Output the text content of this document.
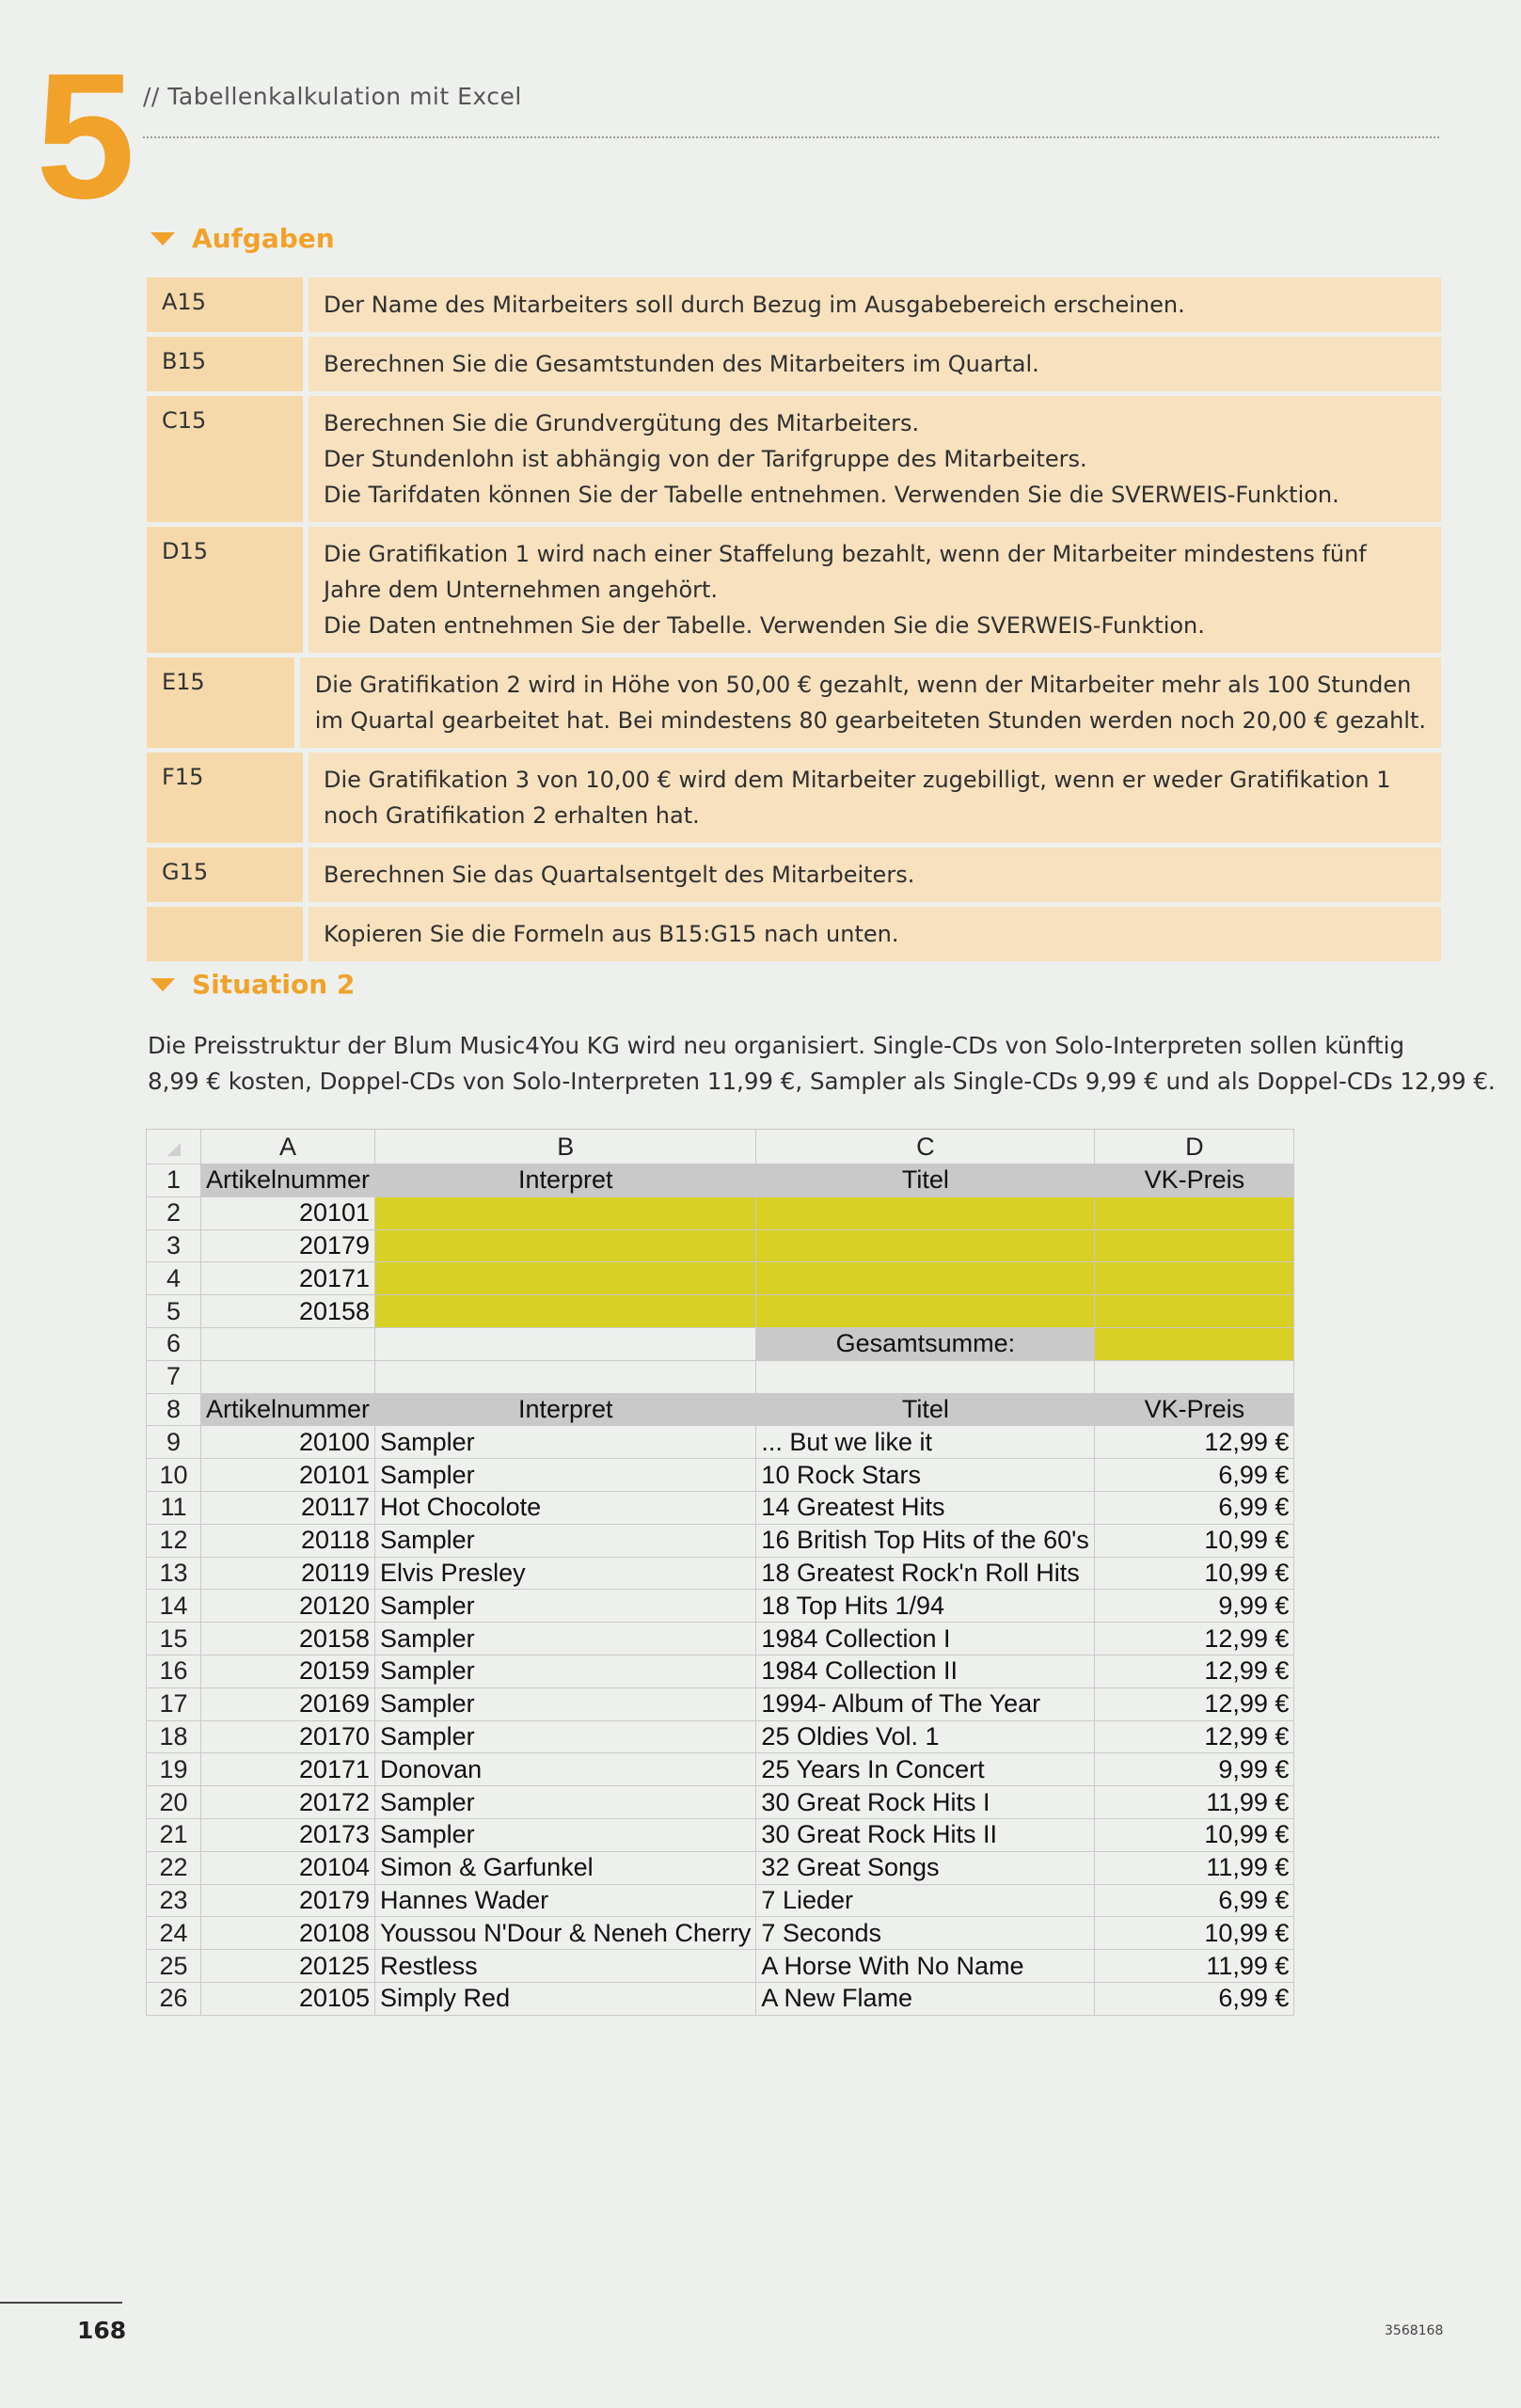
5 // Tabellenkalkulation mit Excel
Aufgaben
A15	Der Name des Mitarbeiters soll durch Bezug im Ausgabebereich erscheinen.
B15	Berechnen Sie die Gesamtstunden des Mitarbeiters im Quartal.
C15	Berechnen Sie die Grundvergütung des Mitarbeiters.
Der Stundenlohn ist abhängig von der Tarifgruppe des Mitarbeiters.
Die Tarifdaten können Sie der Tabelle entnehmen. Verwenden Sie die SVERWEIS-Funktion.
D15	Die Gratifikation 1 wird nach einer Staffelung bezahlt, wenn der Mitarbeiter mindestens fünf
Jahre dem Unternehmen angehört.
Die Daten entnehmen Sie der Tabelle. Verwenden Sie die SVERWEIS-Funktion.
E15	Die Gratifikation 2 wird in Höhe von 50,00 € gezahlt, wenn der Mitarbeiter mehr als 100 Stunden
im Quartal gearbeitet hat. Bei mindestens 80 gearbeiteten Stunden werden noch 20,00 € gezahlt.
F15	Die Gratifikation 3 von 10,00 € wird dem Mitarbeiter zugebilligt, wenn er weder Gratifikation 1
noch Gratifikation 2 erhalten hat.
G15	Berechnen Sie das Quartalsentgelt des Mitarbeiters.
Kopieren Sie die Formeln aus B15:G15 nach unten.
Situation 2
Die Preisstruktur der Blum Music4You KG wird neu organisiert. Single-CDs von Solo-Interpreten sollen künftig
8,99 € kosten, Doppel-CDs von Solo-Interpreten 11,99 €, Sampler als Single-CDs 9,99 € und als Doppel-CDs 12,99 €.
	A	B	C	D
1	Artikelnummer	Interpret	Titel	VK-Preis
2	20101			
3	20179			
4	20171			
5	20158			
6			Gesamtsumme:	
7				
8	Artikelnummer	Interpret	Titel	VK-Preis
9	20100	Sampler	... But we like it	12,99 €
10	20101	Sampler	10 Rock Stars	6,99 €
11	20117	Hot Chocolote	14 Greatest Hits	6,99 €
12	20118	Sampler	16 British Top Hits of the 60's	10,99 €
13	20119	Elvis Presley	18 Greatest Rock'n Roll Hits	10,99 €
14	20120	Sampler	18 Top Hits 1/94	9,99 €
15	20158	Sampler	1984 Collection I	12,99 €
16	20159	Sampler	1984 Collection II	12,99 €
17	20169	Sampler	1994- Album of The Year	12,99 €
18	20170	Sampler	25 Oldies Vol. 1	12,99 €
19	20171	Donovan	25 Years In Concert	9,99 €
20	20172	Sampler	30 Great Rock Hits I	11,99 €
21	20173	Sampler	30 Great Rock Hits II	10,99 €
22	20104	Simon & Garfunkel	32 Great Songs	11,99 €
23	20179	Hannes Wader	7 Lieder	6,99 €
24	20108	Youssou N'Dour & Neneh Cherry	7 Seconds	10,99 €
25	20125	Restless	A Horse With No Name	11,99 €
26	20105	Simply Red	A New Flame	6,99 €
168	3568168
